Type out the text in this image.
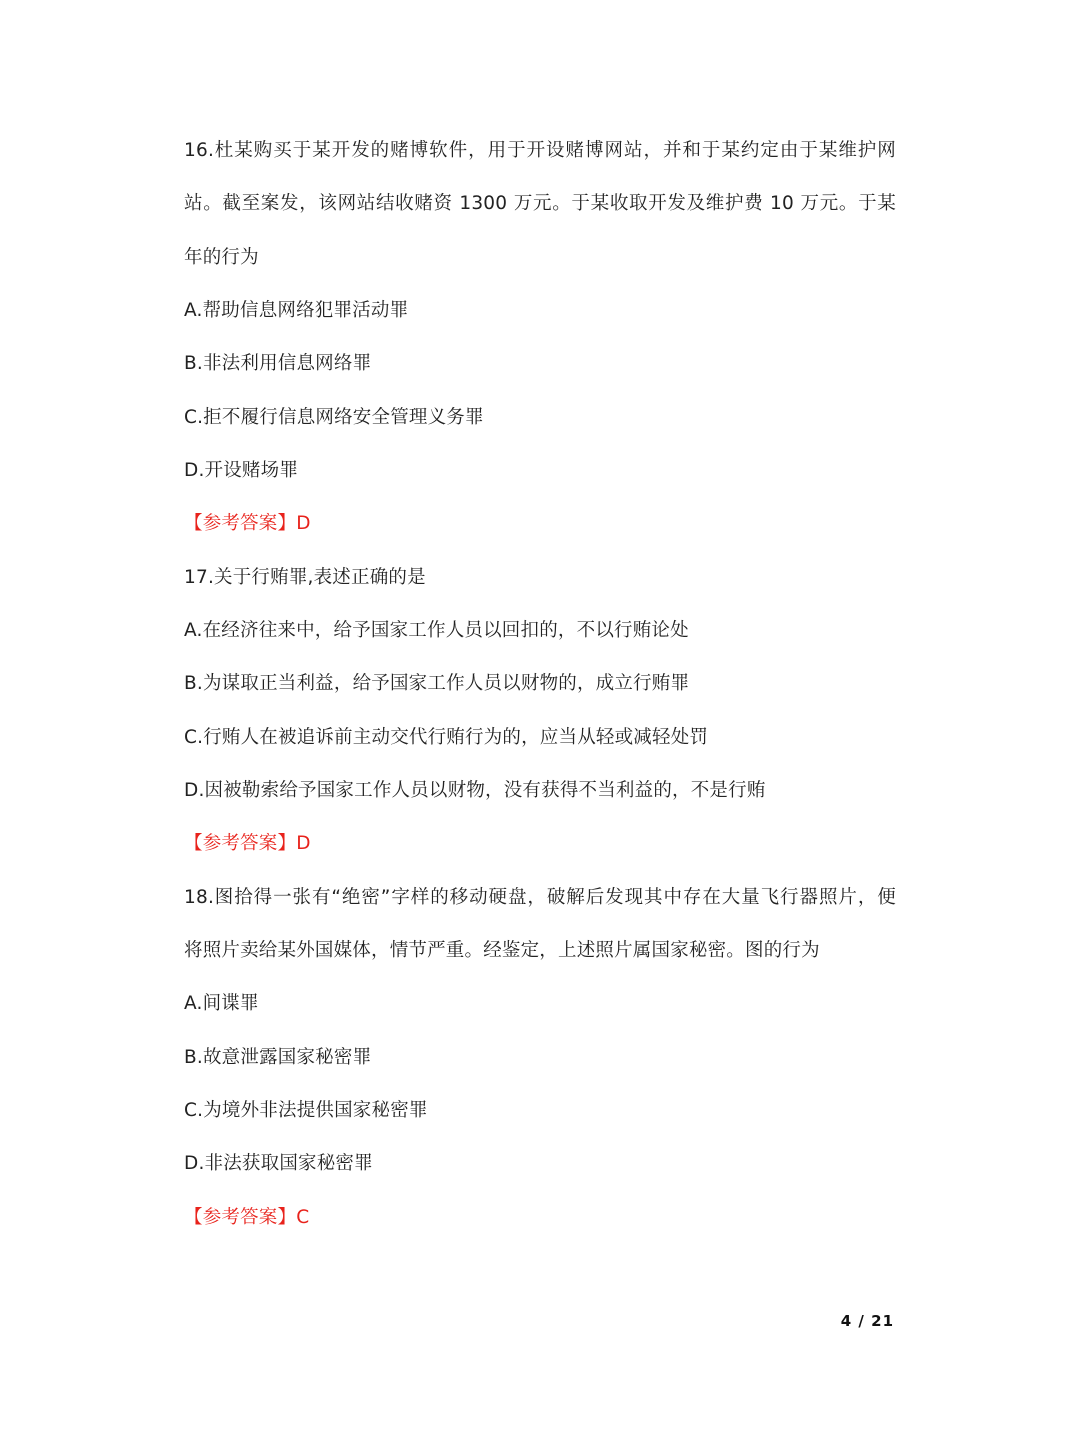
16.杜某购买于某开发的赌博软件，用于开设赌博网站，并和于某约定由于某维护网
站。截至案发，该网站结收赌资 1300 万元。于某收取开发及维护费 10 万元。于某
年的行为
A.帮助信息网络犯罪活动罪
B.非法利用信息网络罪
C.拒不履行信息网络安全管理义务罪
D.开设赌场罪
【参考答案】D
17.关于行贿罪,表述正确的是
A.在经济往来中，给予国家工作人员以回扣的，不以行贿论处
B.为谋取正当利益，给予国家工作人员以财物的，成立行贿罪
C.行贿人在被追诉前主动交代行贿行为的，应当从轻或减轻处罚
D.因被勒索给予国家工作人员以财物，没有获得不当利益的，不是行贿
【参考答案】D
18.图拾得一张有“绝密”字样的移动硬盘，破解后发现其中存在大量飞行器照片，便
将照片卖给某外国媒体，情节严重。经鉴定，上述照片属国家秘密。图的行为
A.间谍罪
B.故意泄露国家秘密罪
C.为境外非法提供国家秘密罪
D.非法获取国家秘密罪
【参考答案】C
4 / 21
